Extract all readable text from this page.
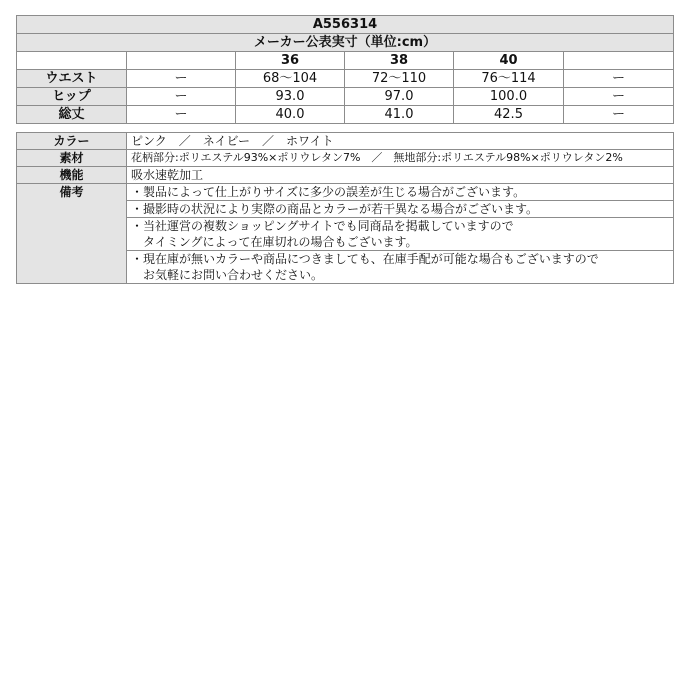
A556314					
メーカー公表実寸（単位:cm）					
		36	38	40	
ウエスト	ー	68～104	72～110	76～114	ー
ヒップ	ー	93.0	97.0	100.0	ー
総丈	ー	40.0	41.0	42.5	ー
カラー	ピンク　／　ネイビー　／　ホワイト
素材	花柄部分:ポリエステル93%×ポリウレタン7%　／　無地部分:ポリエステル98%×ポリウレタン2%
機能	吸水速乾加工
備考	・製品によって仕上がりサイズに多少の誤差が生じる場合がございます。

	・撮影時の状況により実際の商品とカラーが若干異なる場合がございます。

	・当社運営の複数ショッピングサイトでも同商品を掲載していますので
　タイミングによって在庫切れの場合もございます。

	・現在庫が無いカラーや商品につきましても、在庫手配が可能な場合もございますので
　お気軽にお問い合わせください。
